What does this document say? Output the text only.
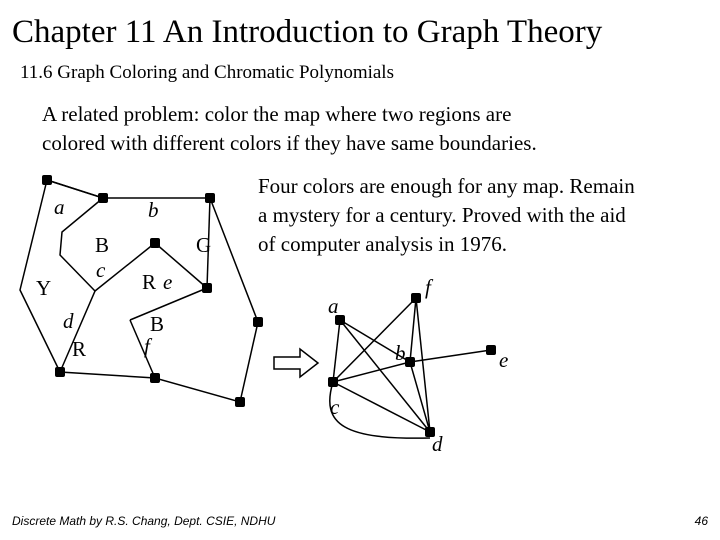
Chapter 11 An Introduction to Graph Theory
11.6 Graph Coloring and Chromatic Polynomials
A related problem: color the map where two regions are
colored with different colors if they have same boundaries.
Four colors are enough for any map. Remain
a mystery for a century. Proved with the aid
of computer analysis in 1976.
a	b
B
c
G
Y	R e
d
R
B
f
a
f
b	e
c
d
Discrete Math by R.S. Chang, Dept. CSIE, NDHU	46
